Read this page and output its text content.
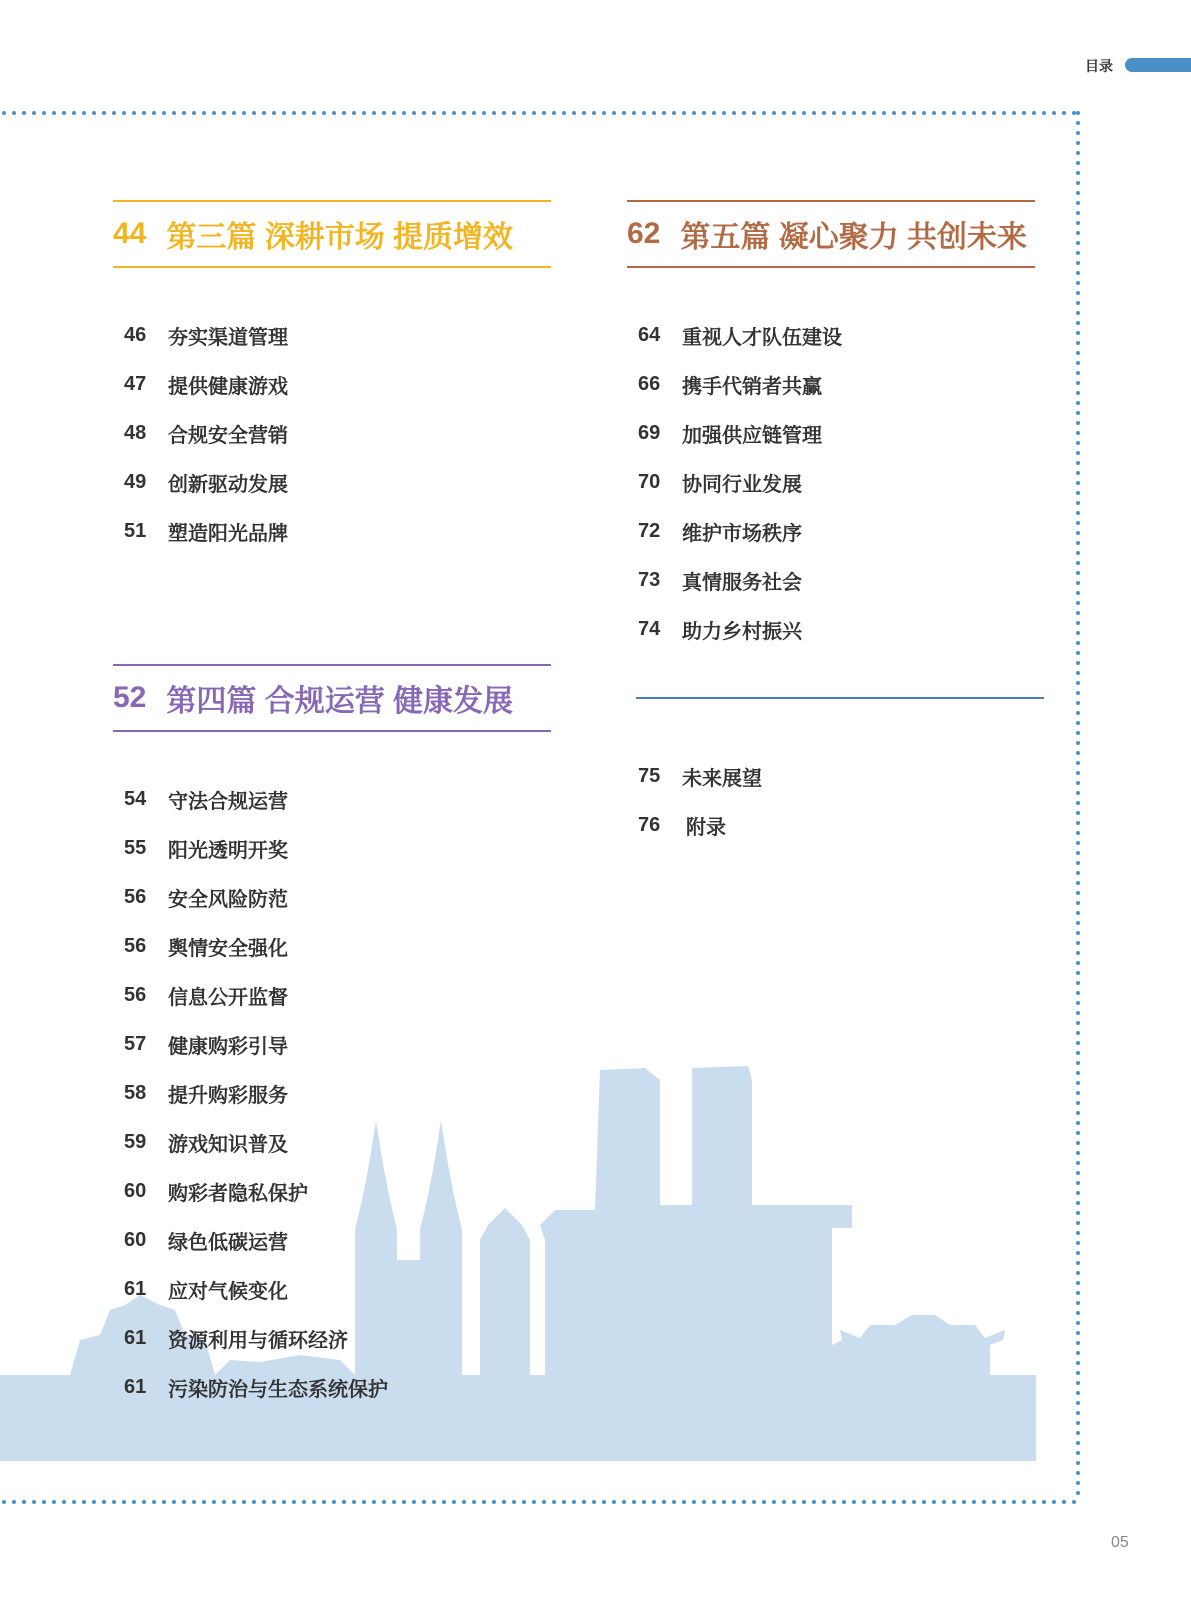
目录
44 第三篇 深耕市场 提质增效
46	夯实渠道管理
47	提供健康游戏
48	合规安全营销
49	创新驱动发展
51	塑造阳光品牌
52 第四篇 合规运营 健康发展
54	守法合规运营
55	阳光透明开奖
56	安全风险防范
56	舆情安全强化
56	信息公开监督
57	健康购彩引导
58	提升购彩服务
59	游戏知识普及
60	购彩者隐私保护
60	绿色低碳运营
61	应对气候变化
61	资源利用与循环经济
61	污染防治与生态系统保护
62 第五篇 凝心聚力 共创未来
64	重视人才队伍建设
66	携手代销者共赢
69	加强供应链管理
70	协同行业发展
72	维护市场秩序
73	真情服务社会
74	助力乡村振兴
75	未来展望
76	附录
05
